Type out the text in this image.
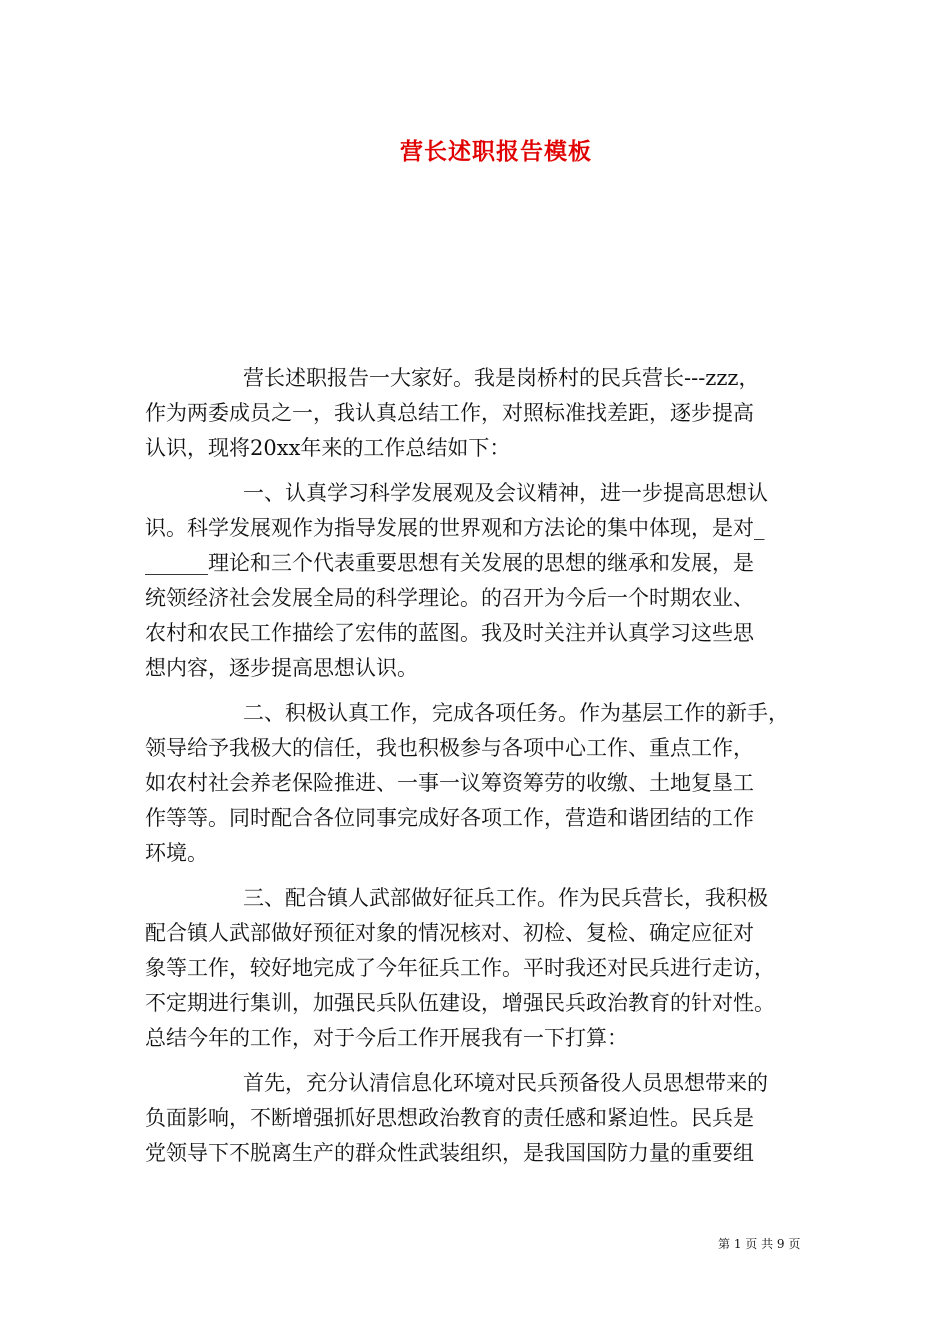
营长述职报告模板
营长述职报告一大家好。我是岗桥村的民兵营长---zzz，
作为两委成员之一，我认真总结工作，对照标准找差距，逐步提高
认识，现将20xx年来的工作总结如下：
一、认真学习科学发展观及会议精神，进一步提高思想认
识。科学发展观作为指导发展的世界观和方法论的集中体现，是对_
______理论和三个代表重要思想有关发展的思想的继承和发展，是
统领经济社会发展全局的科学理论。的召开为今后一个时期农业、
农村和农民工作描绘了宏伟的蓝图。我及时关注并认真学习这些思
想内容，逐步提高思想认识。
二、积极认真工作，完成各项任务。作为基层工作的新手，
领导给予我极大的信任，我也积极参与各项中心工作、重点工作，
如农村社会养老保险推进、一事一议筹资筹劳的收缴、土地复垦工
作等等。同时配合各位同事完成好各项工作，营造和谐团结的工作
环境。
三、配合镇人武部做好征兵工作。作为民兵营长，我积极
配合镇人武部做好预征对象的情况核对、初检、复检、确定应征对
象等工作，较好地完成了今年征兵工作。平时我还对民兵进行走访，
不定期进行集训，加强民兵队伍建设，增强民兵政治教育的针对性。
总结今年的工作，对于今后工作开展我有一下打算：
首先，充分认清信息化环境对民兵预备役人员思想带来的
负面影响，不断增强抓好思想政治教育的责任感和紧迫性。民兵是
党领导下不脱离生产的群众性武装组织，是我国国防力量的重要组
第 1 页 共 9 页
